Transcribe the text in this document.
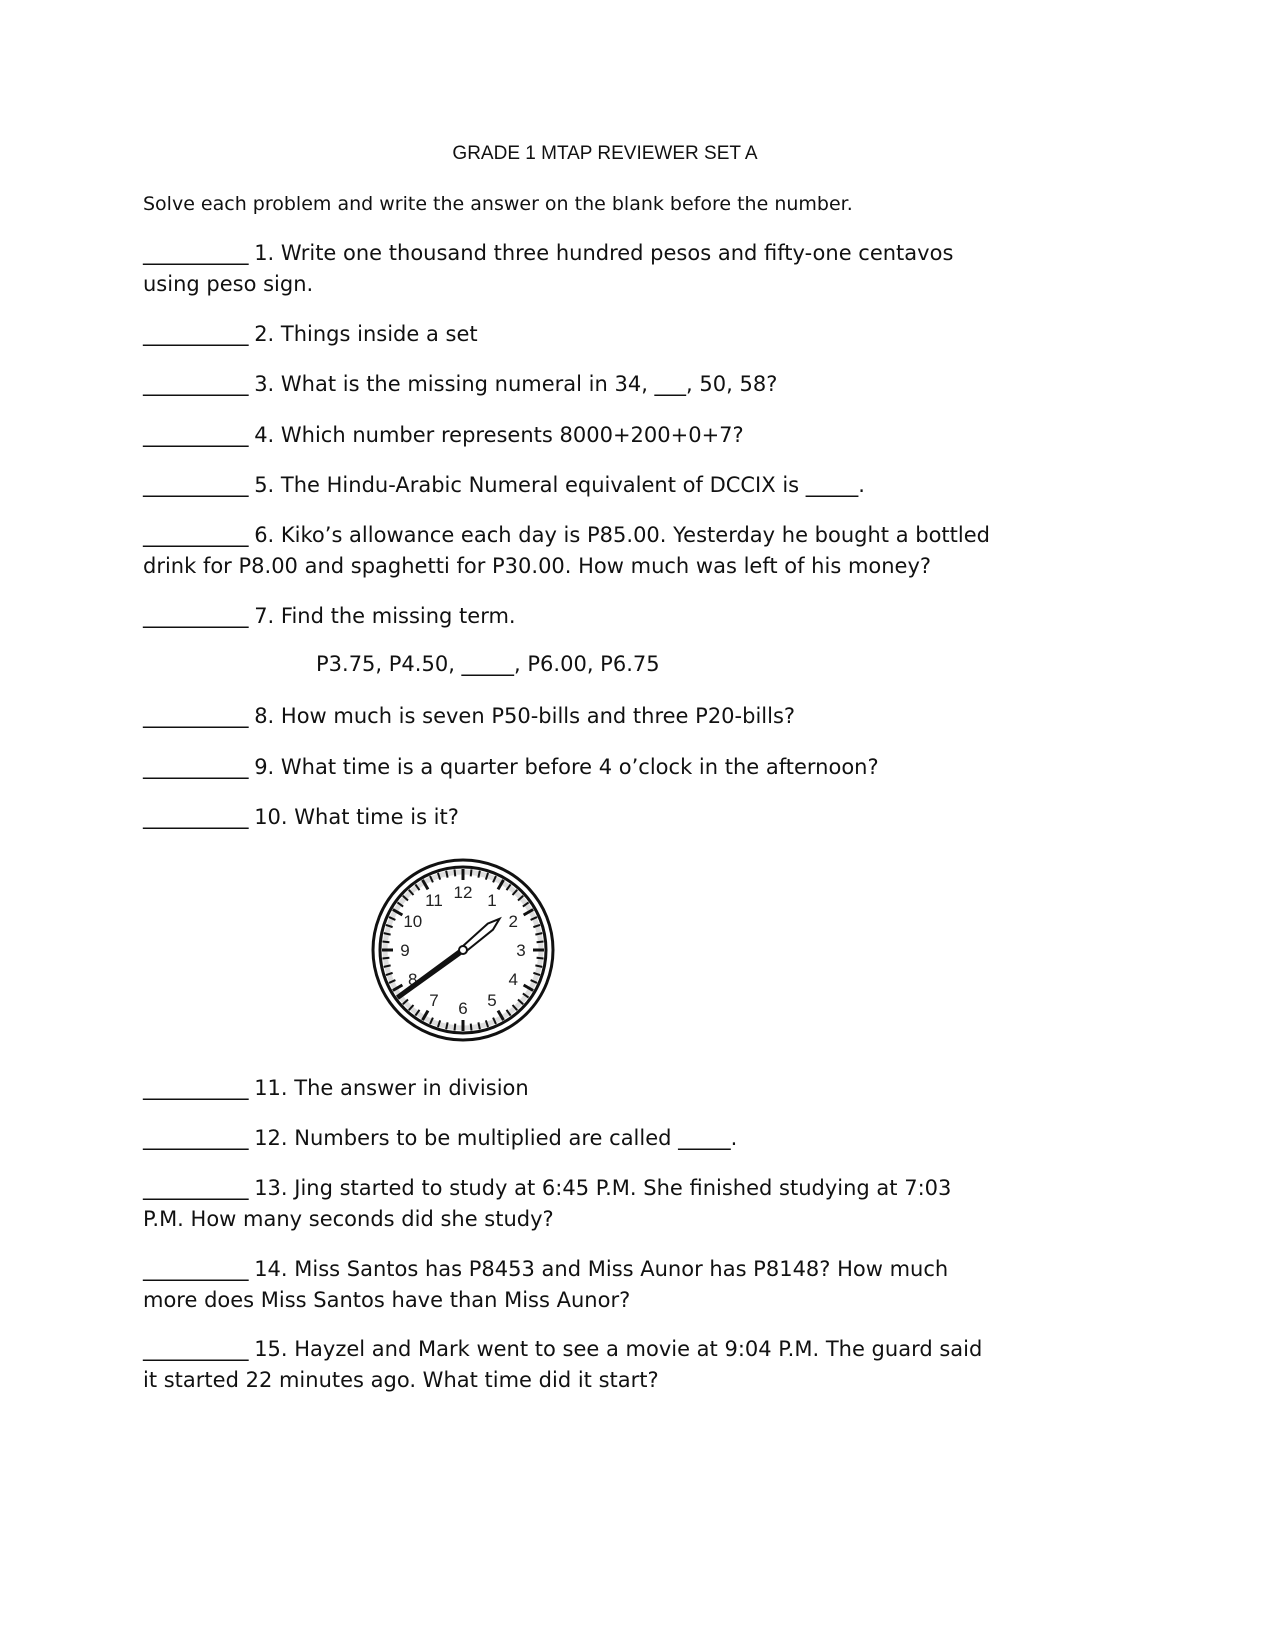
GRADE 1 MTAP REVIEWER SET A
Solve each problem and write the answer on the blank before the number.
___________ 1. Write one thousand three hundred pesos and fifty-one centavos
using peso sign.
___________ 2. Things inside a set
___________ 3. What is the missing numeral in 34, ___, 50, 58?
___________ 4. Which number represents 8000+200+0+7?
___________ 5. The Hindu-Arabic Numeral equivalent of DCCIX is _____.
___________ 6. Kiko’s allowance each day is P85.00. Yesterday he bought a bottled
drink for P8.00 and spaghetti for P30.00. How much was left of his money?
___________ 7. Find the missing term.
___________ 8. How much is seven P50-bills and three P20-bills?
___________ 9. What time is a quarter before 4 o’clock in the afternoon?
___________ 10. What time is it?
___________ 11. The answer in division
___________ 12. Numbers to be multiplied are called _____.
___________ 13. Jing started to study at 6:45 P.M. She finished studying at 7:03
P.M. How many seconds did she study?
___________ 14. Miss Santos has P8453 and Miss Aunor has P8148? How much
more does Miss Santos have than Miss Aunor?
___________ 15. Hayzel and Mark went to see a movie at 9:04 P.M. The guard said
it started 22 minutes ago. What time did it start?
P3.75, P4.50, _____, P6.00, P6.75
12 1
2
3
4
5
6
7
8
9
10
11
